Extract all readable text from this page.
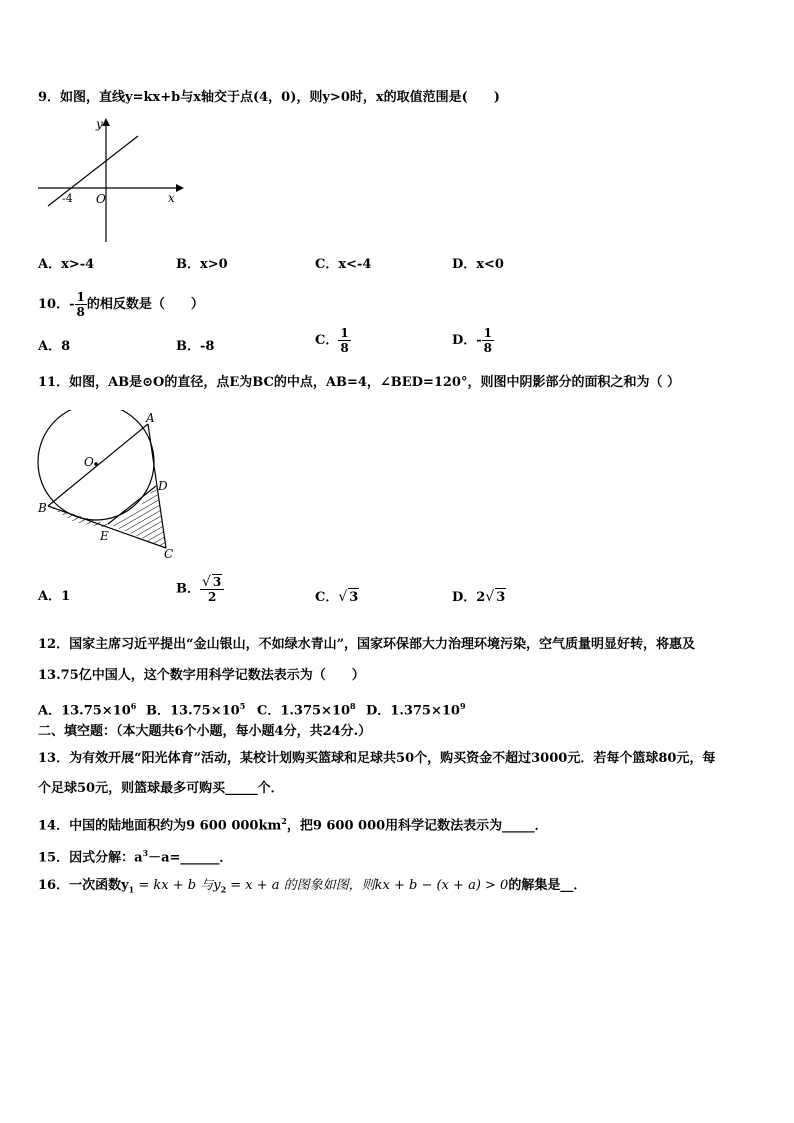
9．如图，直线y=kx+b与x轴交于点(4，0)，则y>0时，x的取值范围是(　　)
y
x
-4 O
A．x>-4	B．x>0	C．x<-4	D．x<0
10．- $\frac{1}{8}$ 的相反数是（　　）
A．8	B．-8	C． $\frac{1}{8}$	D．- $\frac{1}{8}$
11．如图，AB是⊙O的直径，点E为BC的中点，AB=4，∠BED=120°，则图中阴影部分的面积之和为（ ）
A
O
D
B
E
C
A．1	B． $\frac{√ 3}{2}$	C．√ 3	D．2√ 3
12．国家主席习近平提出“金山银山，不如绿水青山”，国家环保部大力治理环境污染，空气质量明显好转，将惠及
13.75亿中国人，这个数字用科学记数法表示为（　　）
A．$13.75\times 10^6$ B．$13.75\times 10^5$ C．$1.375\times 10^8$ D．$1.375\times 10^9$
二、填空题：（本大题共6个小题，每小题4分，共24分.）
13．为有效开展“阳光体育”活动，某校计划购买篮球和足球共50个，购买资金不超过3000元．若每个篮球80元，每
个足球50元，则篮球最多可购买_____个．
14．中国的陆地面积约为9 600 $000km^2$，把9 600 000用科学记数法表示为_____．
15．因式分解：$a^3-a=\_\_\_\_\_\_$．
16．一次函数$y_1$ = kx + b 与$y_2 = x + a$ 的图象如图，则kx + b − (x + a) > 0的解集是__．
